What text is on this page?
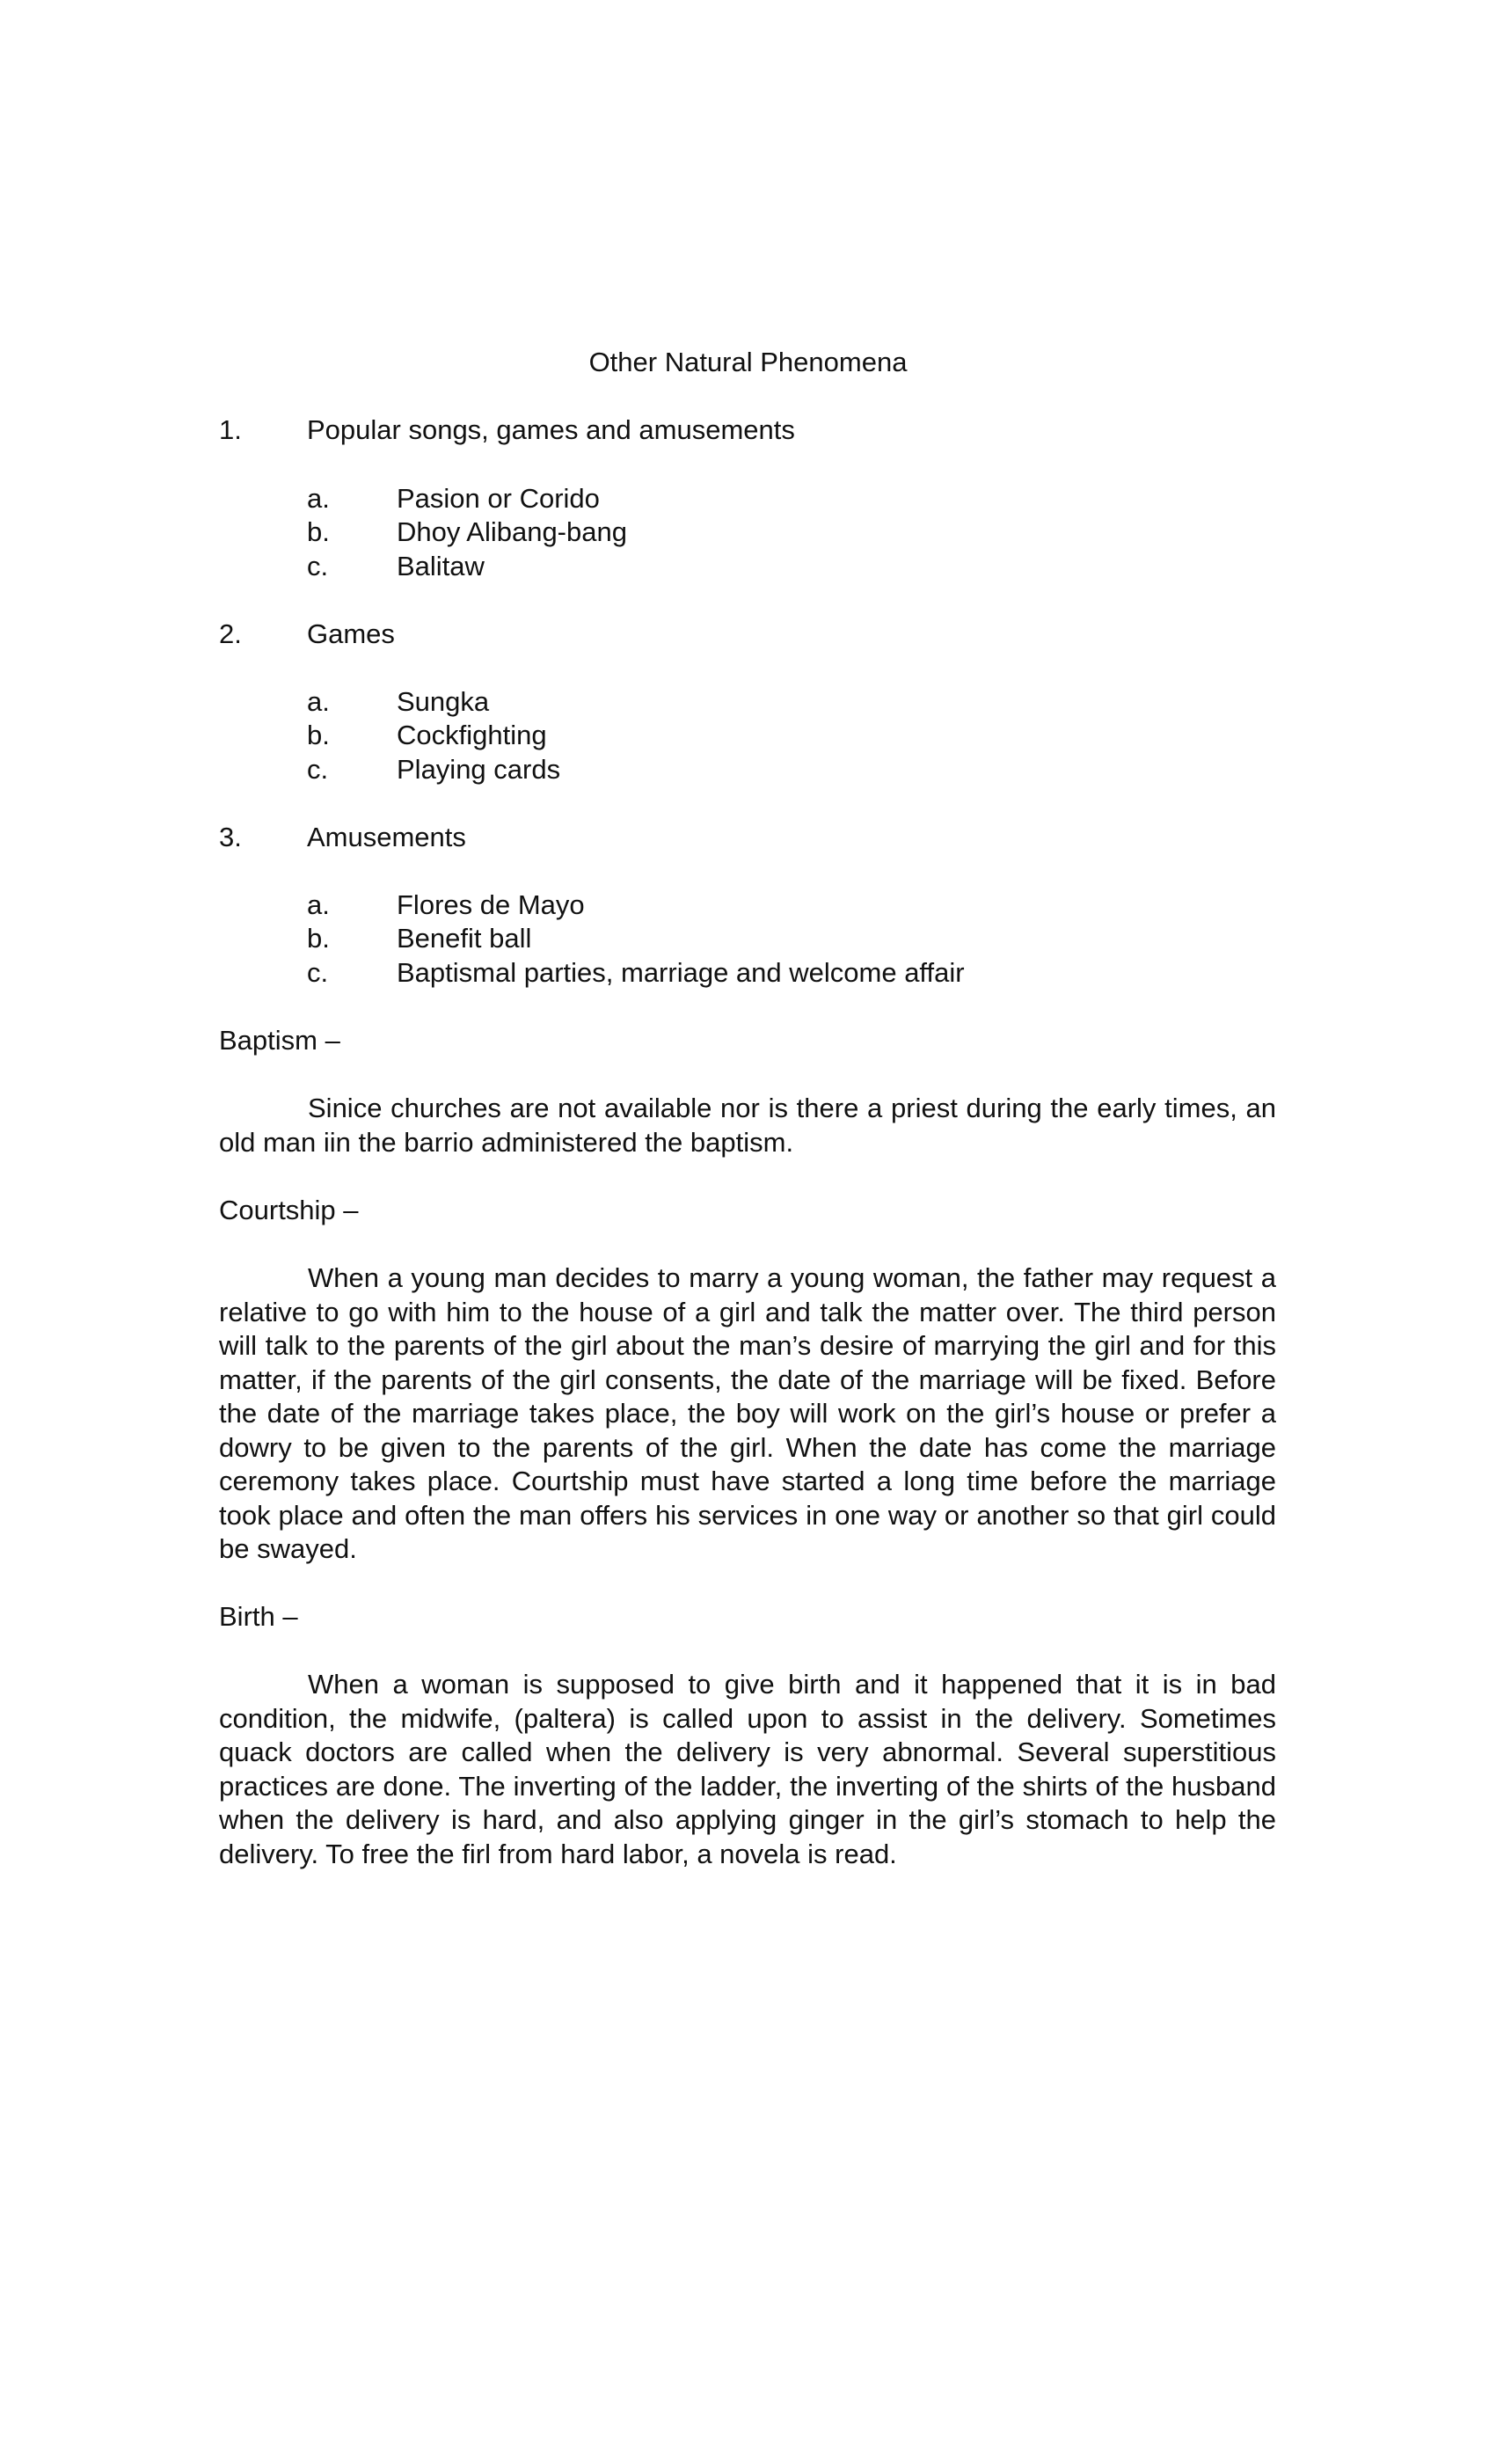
Other Natural Phenomena
1. Popular songs, games and amusements
a. Pasion or Corido
b. Dhoy Alibang-bang
c.	Balitaw
2. Games
a. Sungka
b. Cockfighting
c.	Playing cards
3. Amusements
a. Flores de Mayo
b. Benefit ball
c.	Baptismal parties, marriage and welcome affair
Baptism –
Sinice churches are not available nor is there a priest during the early times, an old man iin the barrio administered the baptism.
Courtship –
When a young man decides to marry a young woman, the father may request a relative to go with him to the house of a girl and talk the matter over. The third person will talk to the parents of the girl about the man’s desire of marrying the girl and for this matter, if the parents of the girl consents, the date of the marriage will be fixed. Before the date of the marriage takes place, the boy will work on the girl’s house or prefer a dowry to be given to the parents of the girl. When the date has come the marriage ceremony takes place. Courtship must have started a long time before the marriage took place and often the man offers his services in one way or another so that girl could be swayed.
Birth –
When a woman is supposed to give birth and it happened that it is in bad condition, the midwife, (paltera) is called upon to assist in the delivery. Sometimes quack doctors are called when the delivery is very abnormal. Several superstitious practices are done. The inverting of the ladder, the inverting of the shirts of the husband when the delivery is hard, and also applying ginger in the girl’s stomach to help the delivery. To free the firl from hard labor, a novela is read.
